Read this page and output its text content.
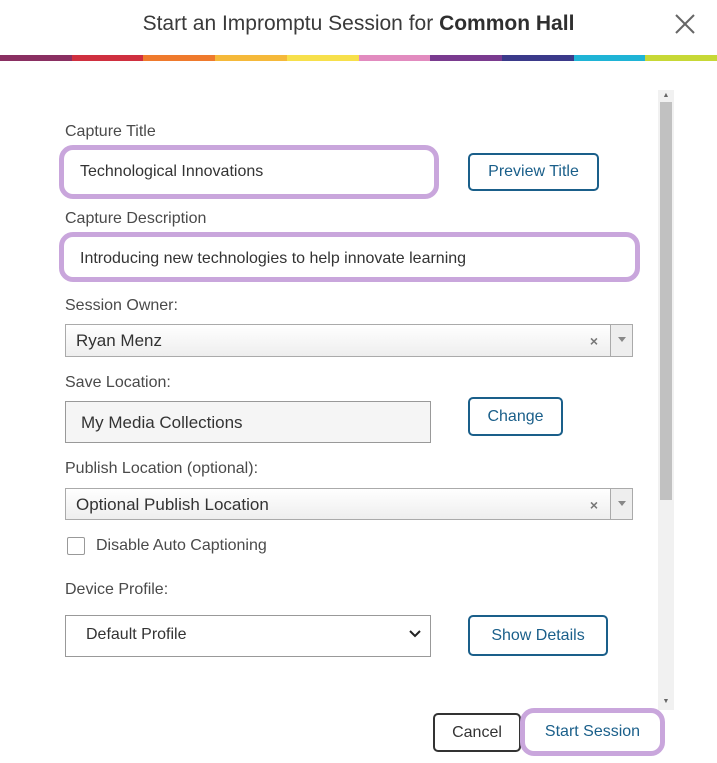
Start an Impromptu Session for Common Hall
Capture Title
Technological Innovations	Preview Title
Capture Description
Introducing new technologies to help innovate learning
Session Owner:
Ryan Menz	×
Save Location:
My Media Collections	Change
Publish Location (optional):
Optional Publish Location	×
Disable Auto Captioning
Device Profile:
Default Profile	Show Details
▲
▼
Cancel	Start Session
